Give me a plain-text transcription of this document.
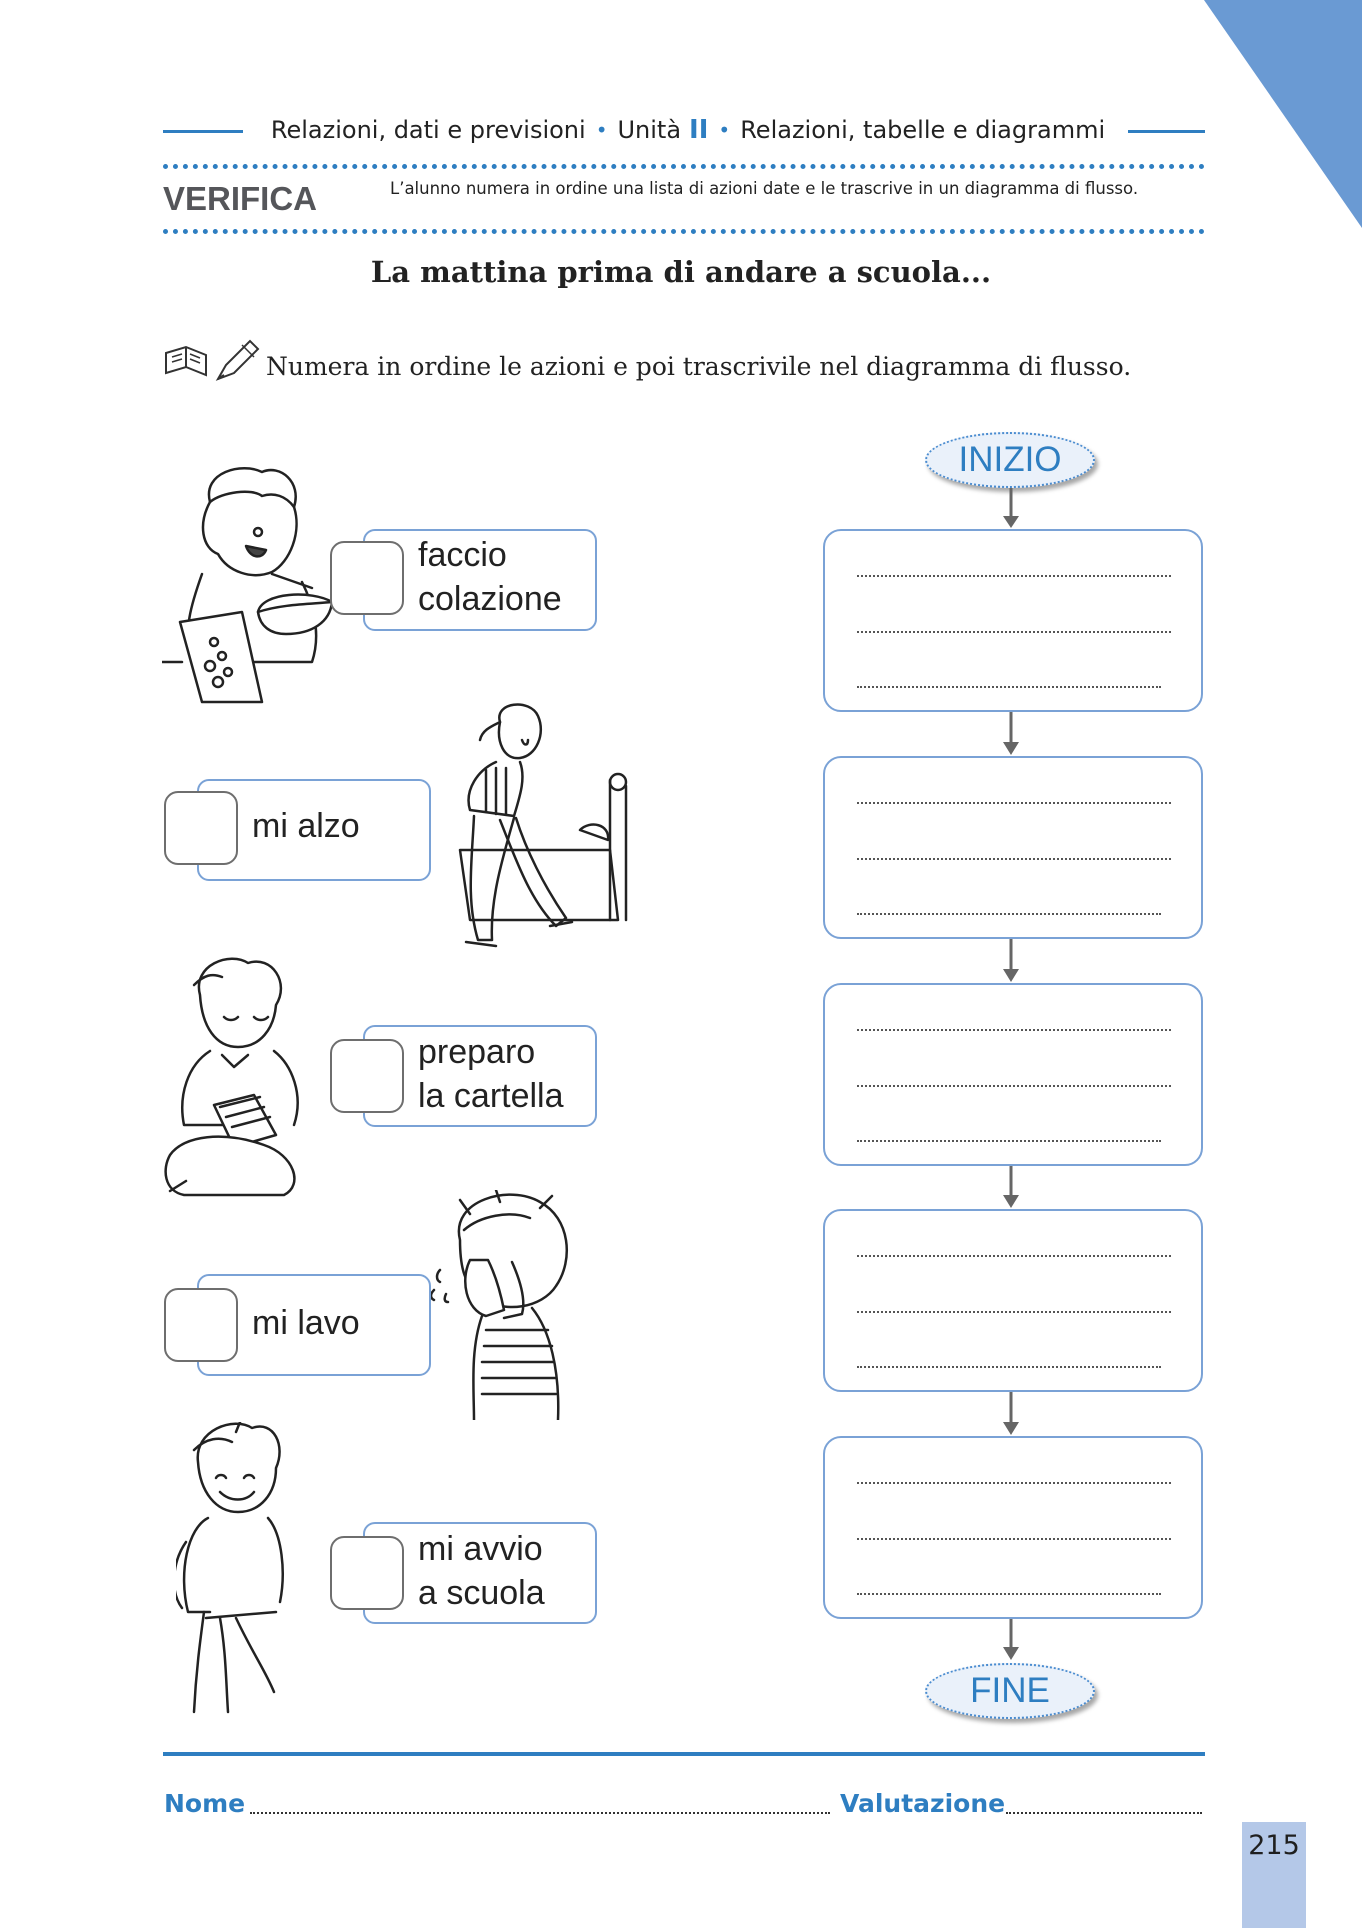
215
Relazioni, dati e previsioni • Unità II • Relazioni, tabelle e diagrammi
VERIFICA	L’alunno numera in ordine una lista di azioni date e le trascrive in un diagramma di flusso.
La mattina prima di andare a scuola...
Numera in ordine le azioni e poi trascrivile nel diagramma di flusso.
faccio
colazione
mi alzo
preparo
la cartella
mi lavo
mi avvio
a scuola
INIZIO
FINE
Nome	Valutazione
